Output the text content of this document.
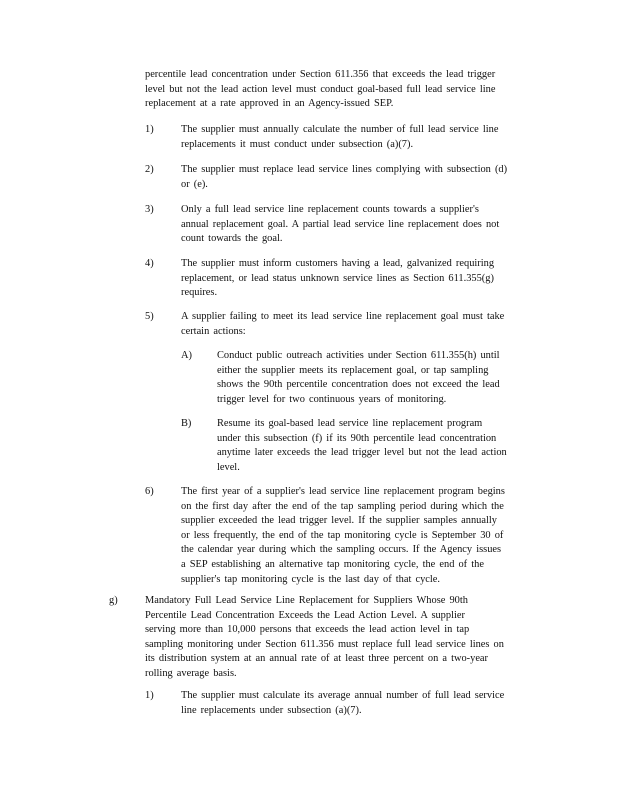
percentile lead concentration under Section 611.356 that exceeds the lead trigger
level but not the lead action level must conduct goal-based full lead service line
replacement at a rate approved in an Agency-issued SEP.
1)	The supplier must annually calculate the number of full lead service line
replacements it must conduct under subsection (a)(7).
2)	The supplier must replace lead service lines complying with subsection (d)
or (e).
3)	Only a full lead service line replacement counts towards a supplier's
annual replacement goal. A partial lead service line replacement does not
count towards the goal.
4)	The supplier must inform customers having a lead, galvanized requiring
replacement, or lead status unknown service lines as Section 611.355(g)
requires.
5)	A supplier failing to meet its lead service line replacement goal must take
certain actions:
A) Conduct public outreach activities under Section 611.355(h) until
either the supplier meets its replacement goal, or tap sampling
shows the 90th percentile concentration does not exceed the lead
trigger level for two continuous years of monitoring.
B) Resume its goal-based lead service line replacement program
under this subsection (f) if its 90th percentile lead concentration
anytime later exceeds the lead trigger level but not the lead action
level.
6)	The first year of a supplier's lead service line replacement program begins
on the first day after the end of the tap sampling period during which the
supplier exceeded the lead trigger level. If the supplier samples annually
or less frequently, the end of the tap monitoring cycle is September 30 of
the calendar year during which the sampling occurs. If the Agency issues
a SEP establishing an alternative tap monitoring cycle, the end of the
supplier's tap monitoring cycle is the last day of that cycle.
g)	Mandatory Full Lead Service Line Replacement for Suppliers Whose 90th
Percentile Lead Concentration Exceeds the Lead Action Level. A supplier
serving more than 10,000 persons that exceeds the lead action level in tap
sampling monitoring under Section 611.356 must replace full lead service lines on
its distribution system at an annual rate of at least three percent on a two-year
rolling average basis.
1)	The supplier must calculate its average annual number of full lead service
line replacements under subsection (a)(7).
